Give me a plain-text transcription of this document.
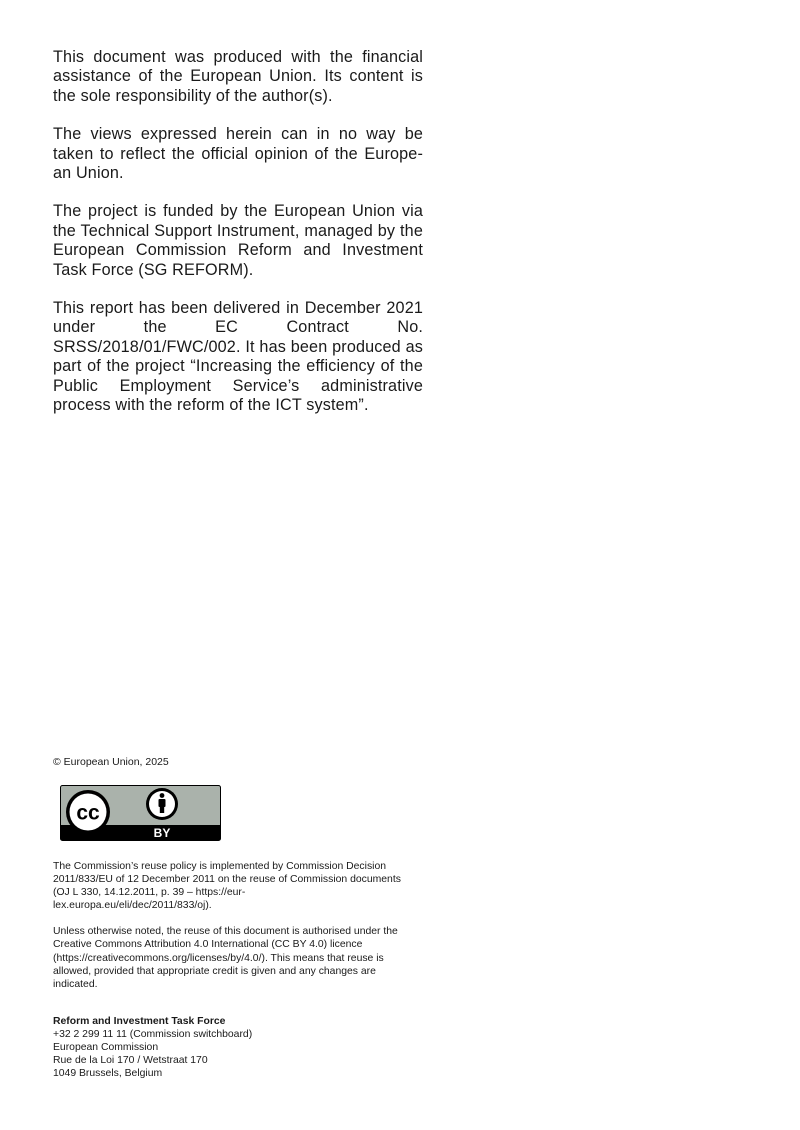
This document was produced with the financial assistance of the European Union. Its content is the sole responsibility of the author(s).

The views expressed herein can in no way be taken to reflect the official opinion of the Europe-an Union.

The project is funded by the European Union via the Technical Support Instrument, managed by the European Commission Reform and Investment Task Force (SG REFORM).

This report has been delivered in December 2021 under the EC Contract No. SRSS/2018/01/FWC/002. It has been produced as part of the project “Increasing the efficiency of the Public Employment Service’s administrative process with the reform of the ICT system”.

© European Union, 2025

cc
BY

The Commission’s reuse policy is implemented by Commission Decision 2011/833/EU of 12 December 2011 on the reuse of Commission documents (OJ L 330, 14.12.2011, p. 39 – https://eur-lex.europa.eu/eli/dec/2011/833/oj).

Unless otherwise noted, the reuse of this document is authorised under the Creative Commons Attribution 4.0 International (CC BY 4.0) licence (https://creativecommons.org/licenses/by/4.0/). This means that reuse is allowed, provided that appropriate credit is given and any changes are indicated.

Reform and Investment Task Force
+32 2 299 11 11 (Commission switchboard)
European Commission
Rue de la Loi 170 / Wetstraat 170
1049 Brussels, Belgium
